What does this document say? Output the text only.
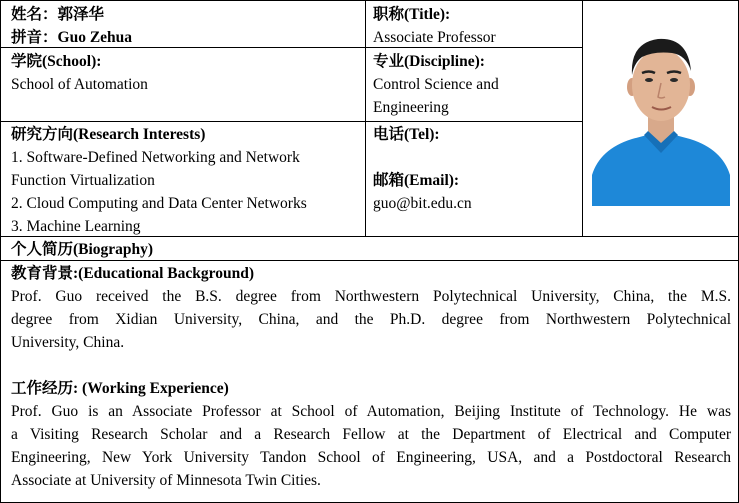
姓名：郭泽华
拼音：Guo Zehua
职称(Title):
Associate Professor
学院(School):
School of Automation
专业(Discipline):
Control Science and
Engineering
研究方向(Research Interests)
1. Software-Defined Networking and Network
Function Virtualization
2. Cloud Computing and Data Center Networks
3. Machine Learning
电话(Tel):
邮箱(Email):
guo@bit.edu.cn
个人简历(Biography)
教育背景:(Educational Background)
Prof. Guo received the B.S. degree from Northwestern Polytechnical University, China, the M.S.
degree from Xidian University, China, and the Ph.D. degree from Northwestern Polytechnical
University, China.
工作经历: (Working Experience)
Prof. Guo is an Associate Professor at School of Automation, Beijing Institute of Technology. He was
a Visiting Research Scholar and a Research Fellow at the Department of Electrical and Computer
Engineering, New York University Tandon School of Engineering, USA, and a Postdoctoral Research
Associate at University of Minnesota Twin Cities.
